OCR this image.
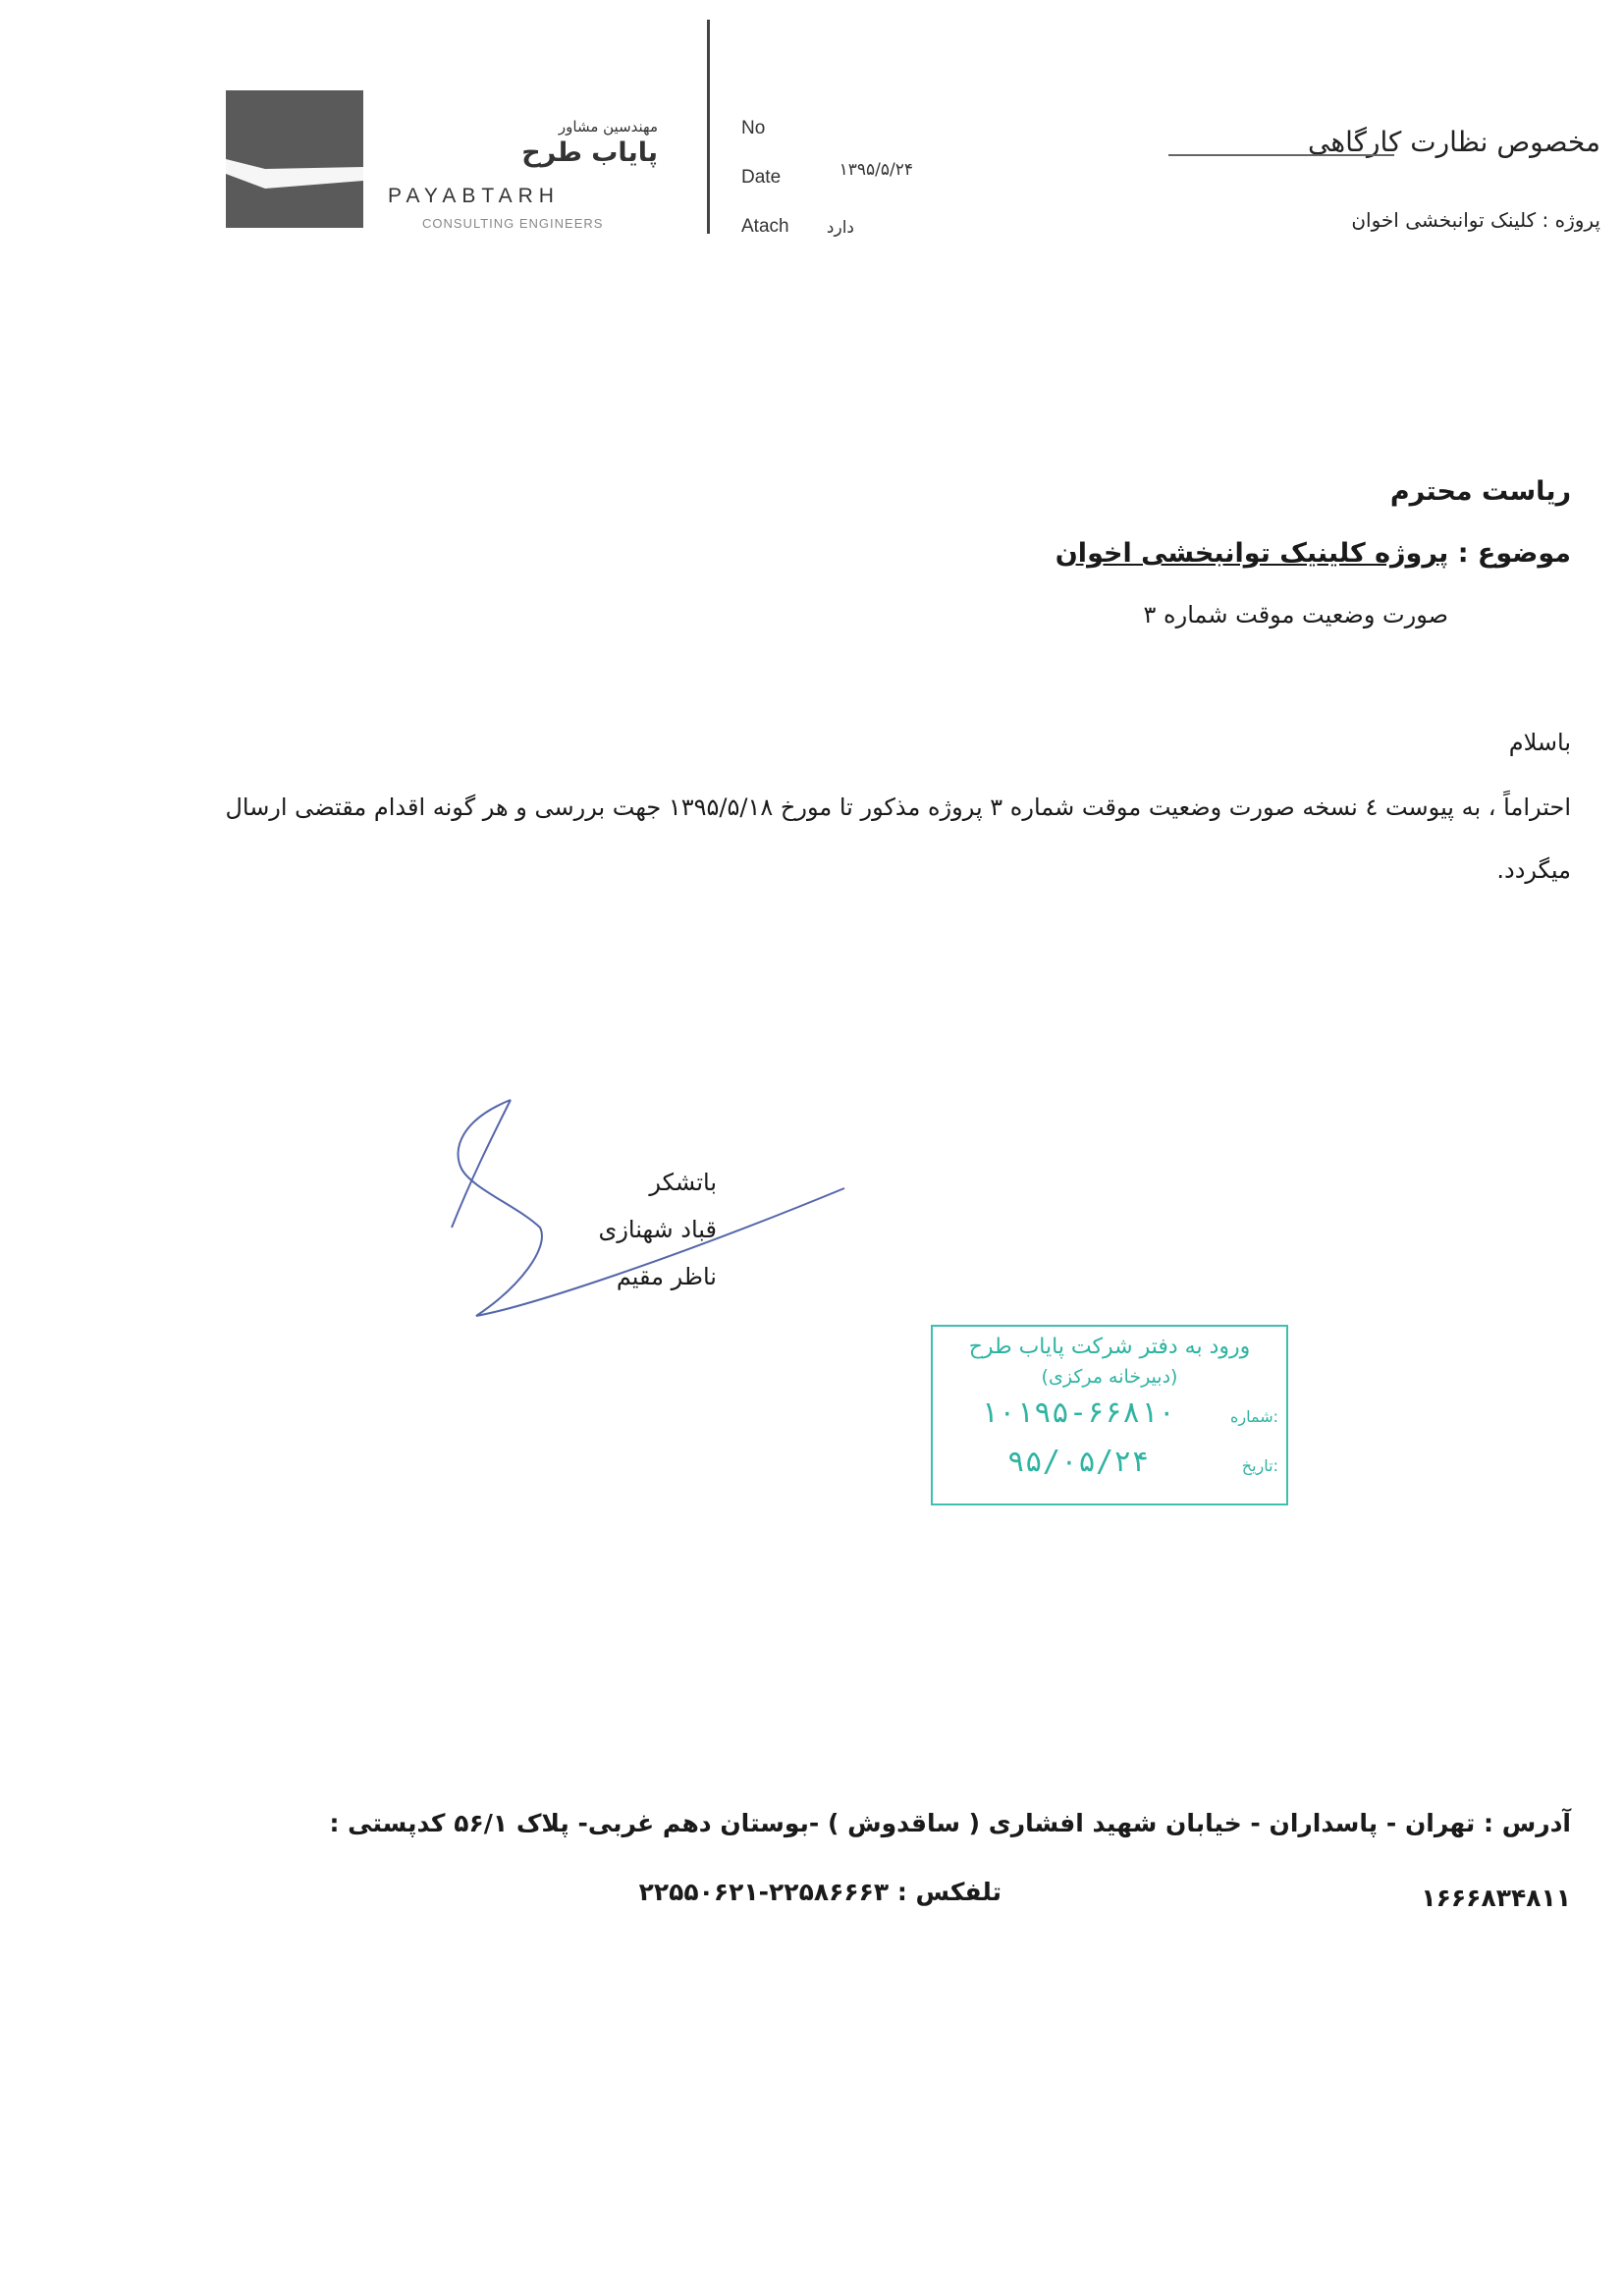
مهندسین مشاور
پایاب طرح
PAYABTARH
CONSULTING ENGINEERS
No
Date	۱۳۹۵/۵/۲۴
Atach	دارد
مخصوص نظارت کارگاهی
پروژه : کلینک توانبخشی اخوان
ریاست محترم
موضوع : پروژه کلینیک توانبخشی اخوان
صورت وضعیت موقت شماره ۳
باسلام
احتراماً ، به پیوست ٤ نسخه صورت وضعیت موقت شماره ۳ پروژه مذکور تا مورخ ۱۳۹۵/۵/۱۸ جهت بررسی و هر گونه اقدام مقتضی ارسال میگردد.
باتشکر
قباد شهنازی
ناظر مقیم
ورود به دفتر شرکت پایاب طرح
(دبیرخانه مرکزی)
شماره:
۱۰۱۹۵-۶۶۸۱۰
تاریخ:
۹۵/۰۵/۲۴
آدرس : تهران - پاسداران - خیابان شهید افشاری ( ساقدوش ) -بوستان دهم غربی- پلاک ۵۶/۱ کدپستی :
تلفکس : ۲۲۵۸۶۶۶۳-۲۲۵۵۰۶۲۱	۱۶۶۶۸۳۴۸۱۱
